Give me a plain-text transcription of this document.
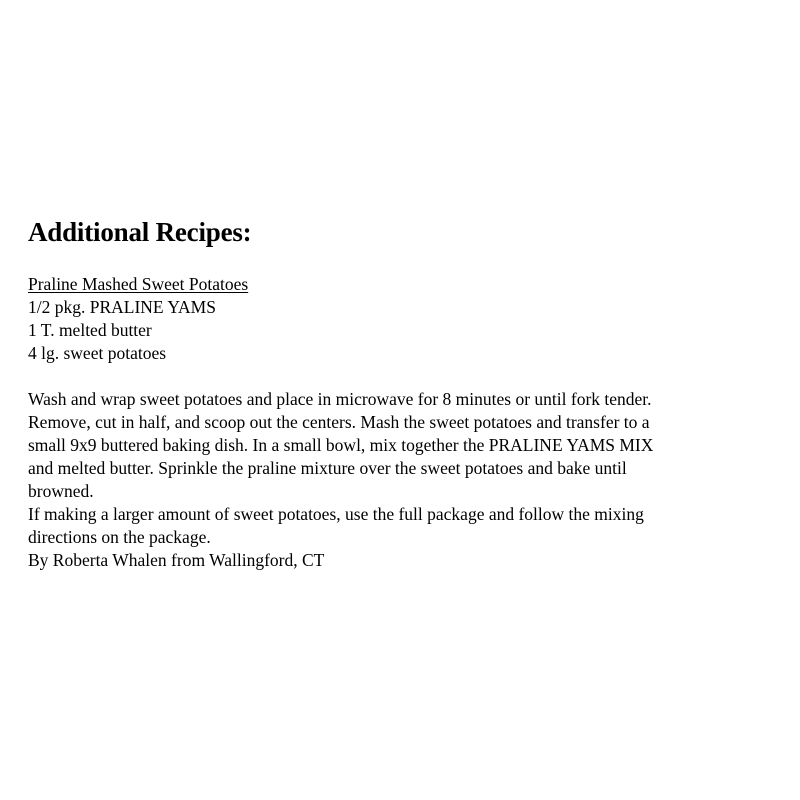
Additional Recipes:

Praline Mashed Sweet Potatoes

1/2 pkg. PRALINE YAMS
1 T. melted butter
4 lg. sweet potatoes
Wash and wrap sweet potatoes and place in microwave for 8 minutes or until fork tender.
Remove, cut in half, and scoop out the centers. Mash the sweet potatoes and transfer to a
small 9x9 buttered baking dish. In a small bowl, mix together the PRALINE YAMS MIX
and melted butter. Sprinkle the praline mixture over the sweet potatoes and bake until
browned.
If making a larger amount of sweet potatoes, use the full package and follow the mixing
directions on the package.
By Roberta Whalen from Wallingford, CT
